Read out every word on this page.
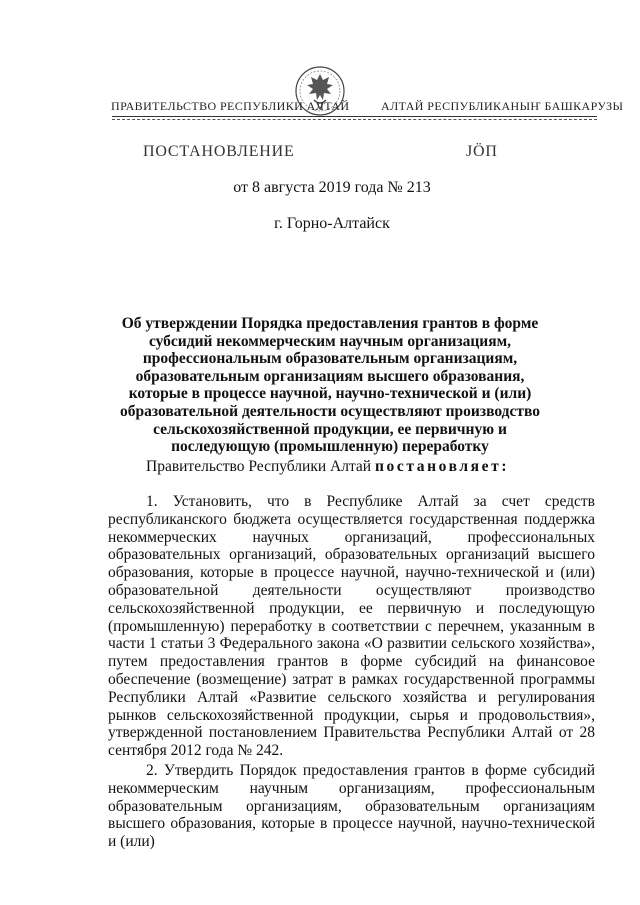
ПРАВИТЕЛЬСТВО РЕСПУБЛИКИ АЛТАЙ	АЛТАЙ РЕСПУБЛИКАНЫҤ БАШКАРУЗЫ
ПОСТАНОВЛЕНИЕ	ЈӦП
от 8 августа 2019 года № 213
г. Горно-Алтайск
Об утверждении Порядка предоставления грантов в форме субсидий некоммерческим научным организациям, профессиональным образовательным организациям, образовательным организациям высшего образования, которые в процессе научной, научно-технической и (или) образовательной деятельности осуществляют производство сельскохозяйственной продукции, ее первичную и последующую (промышленную) переработку
Правительство Республики Алтай постановляет:
1. Установить, что в Республике Алтай за счет средств республиканского бюджета осуществляется государственная поддержка некоммерческих научных организаций, профессиональных образовательных организаций, образовательных организаций высшего образования, которые в процессе научной, научно-технической и (или) образовательной деятельности осуществляют производство сельскохозяйственной продукции, ее первичную и последующую (промышленную) переработку в соответствии с перечнем, указанным в части 1 статьи 3 Федерального закона «О развитии сельского хозяйства», путем предоставления грантов в форме субсидий на финансовое обеспечение (возмещение) затрат в рамках государственной программы Республики Алтай «Развитие сельского хозяйства и регулирования рынков сельскохозяйственной продукции, сырья и продовольствия», утвержденной постановлением Правительства Республики Алтай от 28 сентября 2012 года № 242.
2. Утвердить Порядок предоставления грантов в форме субсидий некоммерческим научным организациям, профессиональным образовательным организациям, образовательным организациям высшего образования, которые в процессе научной, научно-технической и (или)
